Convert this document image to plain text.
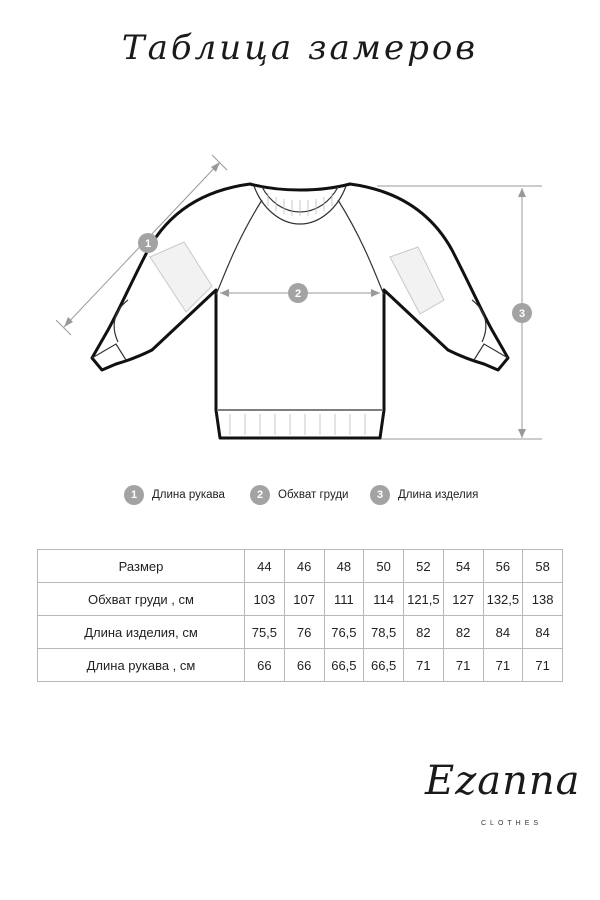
Таблица замеров
1
2
3
1	Длина рукава	2	Обхват груди	3	Длина изделия
Размер	44	46	48	50	52	54	56	58
Обхват груди , см	103	107	111	114	121,5	127	132,5	138
Длина изделия, см	75,5	76	76,5	78,5	82	82	84	84
Длина рукава , см	66	66	66,5	66,5	71	71	71	71
Ezanna
CLOTHES
